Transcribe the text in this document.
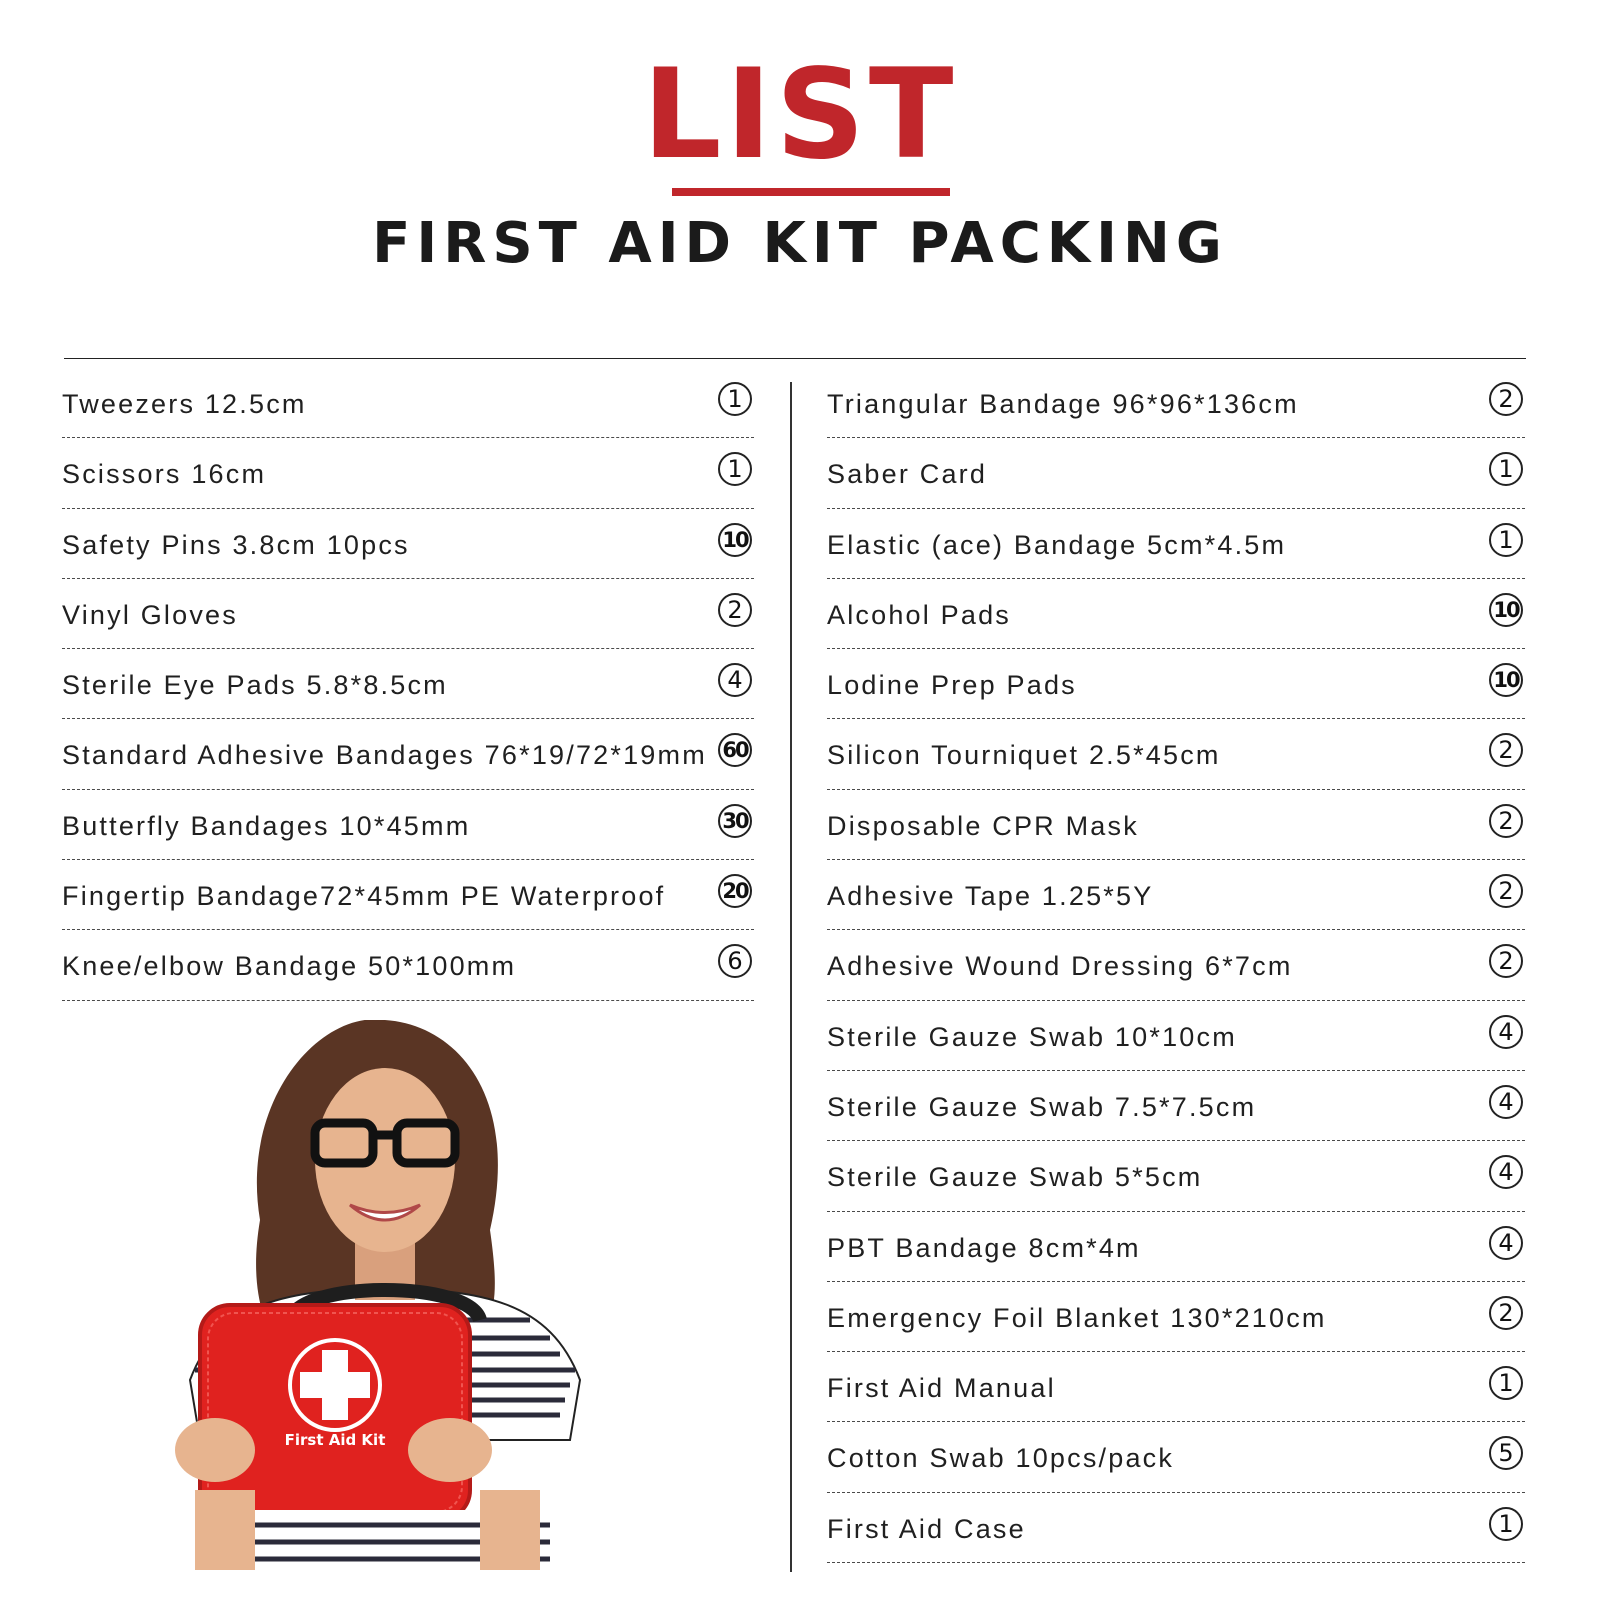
LIST
FIRST AID KIT PACKING
Tweezers 12.5cm	1
Scissors 16cm	1
Safety Pins 3.8cm 10pcs	10
Vinyl Gloves	2
Sterile Eye Pads 5.8*8.5cm	4
Standard Adhesive Bandages 76*19/72*19mm 60
Butterfly Bandages 10*45mm	30
Fingertip Bandage72*45mm PE Waterproof	20
Knee/elbow Bandage 50*100mm	6
Triangular Bandage 96*96*136cm	2
Saber Card	1
Elastic (ace) Bandage 5cm*4.5m	1
Alcohol Pads	10
Lodine Prep Pads	10
Silicon Tourniquet 2.5*45cm	2
Disposable CPR Mask	2
Adhesive Tape 1.25*5Y	2
Adhesive Wound Dressing 6*7cm	2
Sterile Gauze Swab 10*10cm	4
Sterile Gauze Swab 7.5*7.5cm	4
Sterile Gauze Swab 5*5cm	4
PBT Bandage 8cm*4m	4
Emergency Foil Blanket 130*210cm	2
First Aid Manual	1
Cotton Swab 10pcs/pack	5
First Aid Case	1
First Aid Kit
